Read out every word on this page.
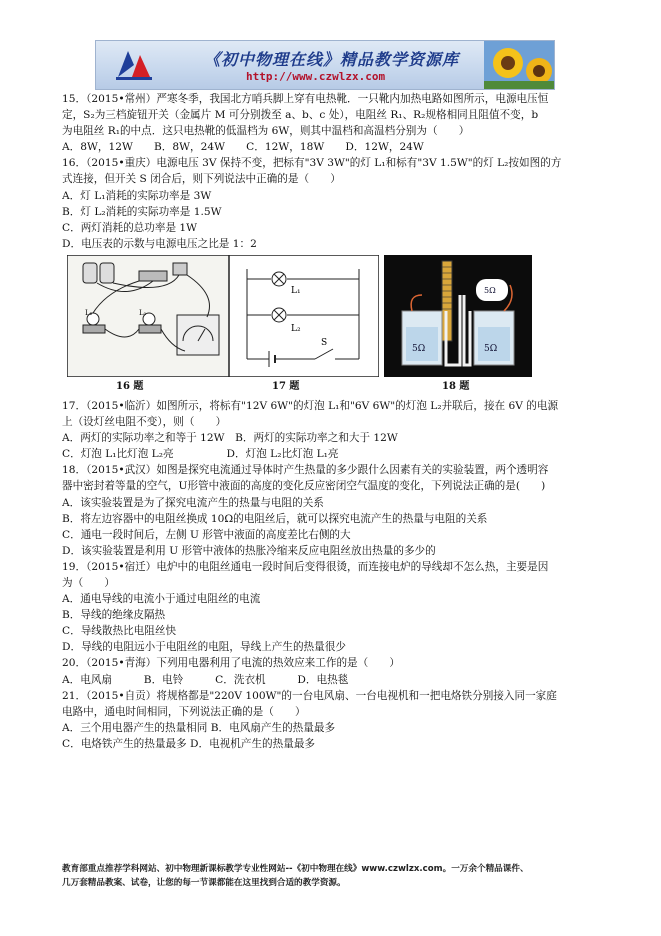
《初中物理在线》精品教学资源库
http://www.czwlzx.com
15．（2015•常州）严寒冬季，我国北方哨兵脚上穿有电热靴．一只靴内加热电路如图所示，电源电压恒
定，S₂为三档旋钮开关（金属片 M 可分别拨至 a、b、c 处），电阻丝 R₁、R₂规格相同且阻值不变，b
为电阻丝 R₁的中点．这只电热靴的低温档为 6W，则其中温档和高温档分别为（　　）
A．8W，12W　　B．8W，24W　　C．12W，18W　　D．12W，24W
16．（2015•重庆）电源电压 3V 保持不变，把标有"3V 3W"的灯 L₁和标有"3V 1.5W"的灯 L₂按如图的方
式连接，但开关 S 闭合后，则下列说法中正确的是（　　）
A．灯 L₁消耗的实际功率是 3W
B．灯 L₂消耗的实际功率是 1.5W
C．两灯消耗的总功率是 1W
D．电压表的示数与电源电压之比是 1：2
L₂	L₁
L₁
L₂
S
5Ω	5Ω
5Ω
16 题	17 题	18 题
17．（2015•临沂）如图所示，将标有"12V 6W"的灯泡 L₁和"6V 6W"的灯泡 L₂并联后，接在 6V 的电源
上（设灯丝电阻不变），则（　　）
A．两灯的实际功率之和等于 12W　B．两灯的实际功率之和大于 12W
C．灯泡 L₁比灯泡 L₂亮　　　　　D．灯泡 L₂比灯泡 L₁亮
18．（2015•武汉）如图是探究电流通过导体时产生热量的多少跟什么因素有关的实验装置，两个透明容
器中密封着等量的空气，U形管中液面的高度的变化反应密闭空气温度的变化，下列说法正确的是(　　)
A．该实验装置是为了探究电流产生的热量与电阻的关系
B．将左边容器中的电阻丝换成 10Ω的电阻丝后，就可以探究电流产生的热量与电阻的关系
C．通电一段时间后，左侧 U 形管中液面的高度差比右侧的大
D．该实验装置是利用 U 形管中液体的热胀冷缩来反应电阻丝放出热量的多少的
19．（2015•宿迁）电炉中的电阻丝通电一段时间后变得很烫，而连接电炉的导线却不怎么热，主要是因
为（　　）
A．通电导线的电流小于通过电阻丝的电流
B．导线的绝缘皮隔热
C．导线散热比电阻丝快
D．导线的电阻远小于电阻丝的电阻，导线上产生的热量很少
20．（2015•青海）下列用电器利用了电流的热效应来工作的是（　　）
A．电风扇　　　B．电铃　　　C．洗衣机　　　D．电热毯
21．（2015•自贡）将规格都是"220V 100W"的一台电风扇、一台电视机和一把电烙铁分别接入同一家庭
电路中，通电时间相同，下列说法正确的是（　　）
A．三个用电器产生的热量相同 B．电风扇产生的热量最多
C．电烙铁产生的热量最多 D．电视机产生的热量最多
教育部重点推荐学科网站、初中物理新课标教学专业性网站--《初中物理在线》www.czwlzx.com。一万余个精品课件、
几万套精品教案、试卷，让您的每一节课都能在这里找到合适的教学资源。
